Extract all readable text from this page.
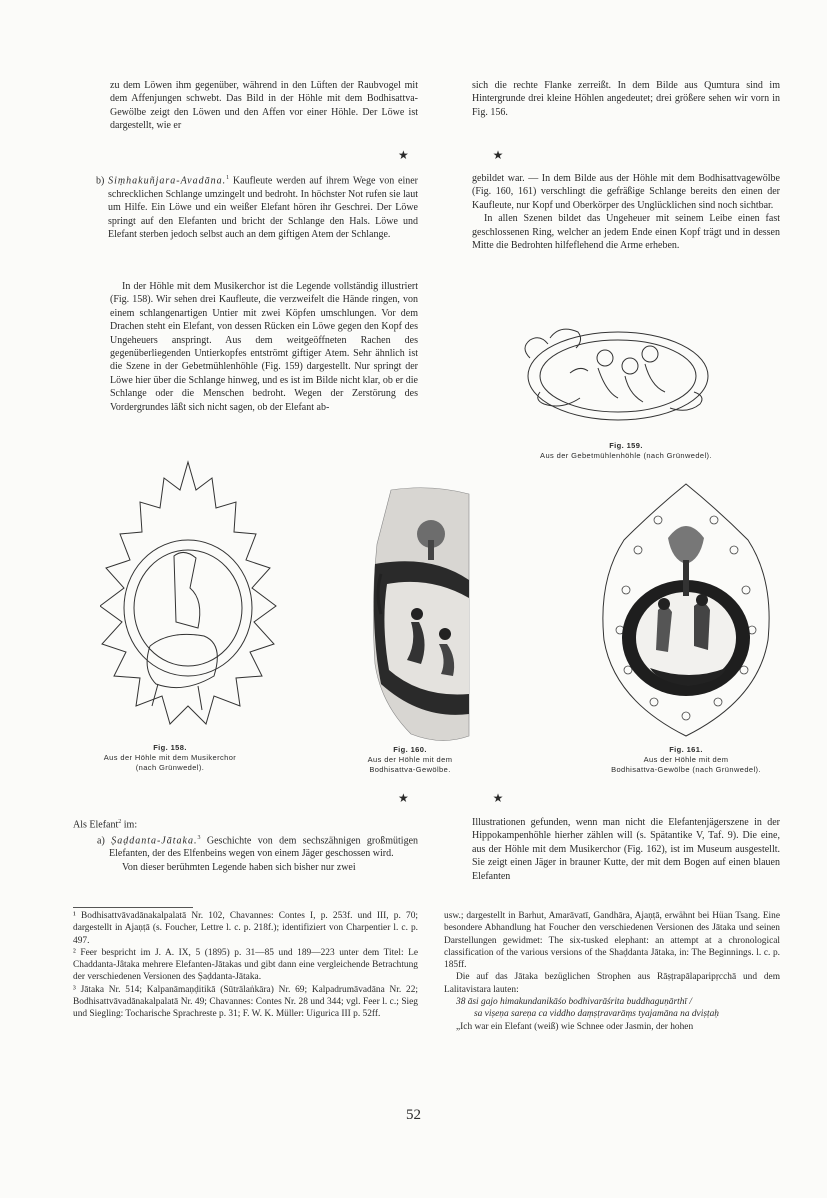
zu dem Löwen ihm gegenüber, während in den Lüften der Raubvogel mit dem Affenjungen schwebt. Das Bild in der Höhle mit dem Bodhisattva-Gewölbe zeigt den Löwen und den Affen vor einer Höhle. Der Löwe ist dargestellt, wie er

sich die rechte Flanke zerreißt. In dem Bilde aus Qumtura sind im Hintergrunde drei kleine Höhlen angedeutet; drei größere sehen wir vorn in Fig. 156.

★ ★

b) Siṃhakuñjara-Avadāna.$^1$ Kaufleute werden auf ihrem Wege von einer schrecklichen Schlange umzingelt und bedroht. In höchster Not rufen sie laut um Hilfe. Ein Löwe und ein weißer Elefant hören ihr Geschrei. Der Löwe springt auf den Elefanten und bricht der Schlange den Hals. Löwe und Elefant sterben jedoch selbst auch an dem giftigen Atem der Schlange.

In der Höhle mit dem Musikerchor ist die Legende vollständig illustriert (Fig. 158). Wir sehen drei Kaufleute, die verzweifelt die Hände ringen, von einem schlangenartigen Untier mit zwei Köpfen umschlungen. Vor dem Drachen steht ein Elefant, von dessen Rücken ein Löwe gegen den Kopf des Ungeheuers anspringt. Aus dem weitgeöffneten Rachen des gegenüberliegenden Untierkopfes entströmt giftiger Atem. Sehr ähnlich ist die Szene in der Gebetmühlenhöhle (Fig. 159) dargestellt. Nur springt der Löwe hier über die Schlange hinweg, und es ist im Bilde nicht klar, ob er die Schlange oder die Menschen bedroht. Wegen der Zerstörung des Vordergrundes läßt sich nicht sagen, ob der Elefant ab-

gebildet war. — In dem Bilde aus der Höhle mit dem Bodhisattvagewölbe (Fig. 160, 161) verschlingt die gefräßige Schlange bereits den einen der Kaufleute, nur Kopf und Oberkörper des Unglücklichen sind noch sichtbar.

In allen Szenen bildet das Ungeheuer mit seinem Leibe einen fast geschlossenen Ring, welcher an jedem Ende einen Kopf trägt und in dessen Mitte die Bedrohten hilfeflehend die Arme erheben.

Fig. 159.
Aus der Gebetmühlenhöhle (nach Grünwedel).
Fig. 158.
Aus der Höhle mit dem Musikerchor
(nach Grünwedel).
Fig. 160.
Aus der Höhle mit dem
Bodhisattva-Gewölbe.
Fig. 161.
Aus der Höhle mit dem
Bodhisattva-Gewölbe (nach Grünwedel).
★ ★

Als Elefant$^2$ im:

a) Ṣaḍdanta-Jātaka.$^3$ Geschichte von dem sechszähnigen großmütigen Elefanten, der des Elfenbeins wegen von einem Jäger geschossen wird.

Von dieser berühmten Legende haben sich bisher nur zwei

Illustrationen gefunden, wenn man nicht die Elefantenjägerszene in der Hippokampenhöhle hierher zählen will (s. Spätantike V, Taf. 9). Die eine, aus der Höhle mit dem Musikerchor (Fig. 162), ist im Museum ausgestellt. Sie zeigt einen Jäger in brauner Kutte, der mit dem Bogen auf einen blauen Elefanten

¹ Bodhisattvāvadānakalpalatā Nr. 102, Chavannes: Contes I, p. 253f. und III, p. 70; dargestellt in Ajaṇṭā (s. Foucher, Lettre l. c. p. 218f.); identifiziert von Charpentier l. c. p. 497.

² Feer bespricht im J. A. IX, 5 (1895) p. 31—85 und 189—223 unter dem Titel: Le Chaddanta-Jâtaka mehrere Elefanten-Jātakas und gibt dann eine vergleichende Betrachtung der verschiedenen Versionen des Ṣaḍdanta-Jātaka.

³ Jātaka Nr. 514; Kalpanāmaṇḍitikā (Sūtrālaṅkāra) Nr. 69; Kalpadrumāvadāna Nr. 22; Bodhisattvāvadānakalpalatā Nr. 49; Chavannes: Contes Nr. 28 und 344; vgl. Feer l. c.; Sieg und Siegling: Tocharische Sprachreste p. 31; F. W. K. Müller: Uigurica III p. 52ff.

usw.; dargestellt in Barhut, Amarāvatī, Gandhāra, Ajaṇṭā, erwähnt bei Hüan Tsang. Eine besondere Abhandlung hat Foucher den verschiedenen Versionen des Jātaka und seinen Darstellungen gewidmet: The six-tusked elephant: an attempt at a chronological classification of the various versions of the Shaḍdanta Jātaka, in: The Beginnings. l. c. p. 185ff.

Die auf das Jātaka bezüglichen Strophen aus Rāṣṭrapālaparipṛcchā und dem Lalitavistara lauten:

38 āsi gajo himakundanikāśo bodhivarāśrita buddhaguṇārthī /

sa viṣeṇa sareṇa ca viddho daṃṣṭravarāṃs tyajamāna na dviṣṭaḥ

„Ich war ein Elefant (weiß) wie Schnee oder Jasmin, der hohen

52
